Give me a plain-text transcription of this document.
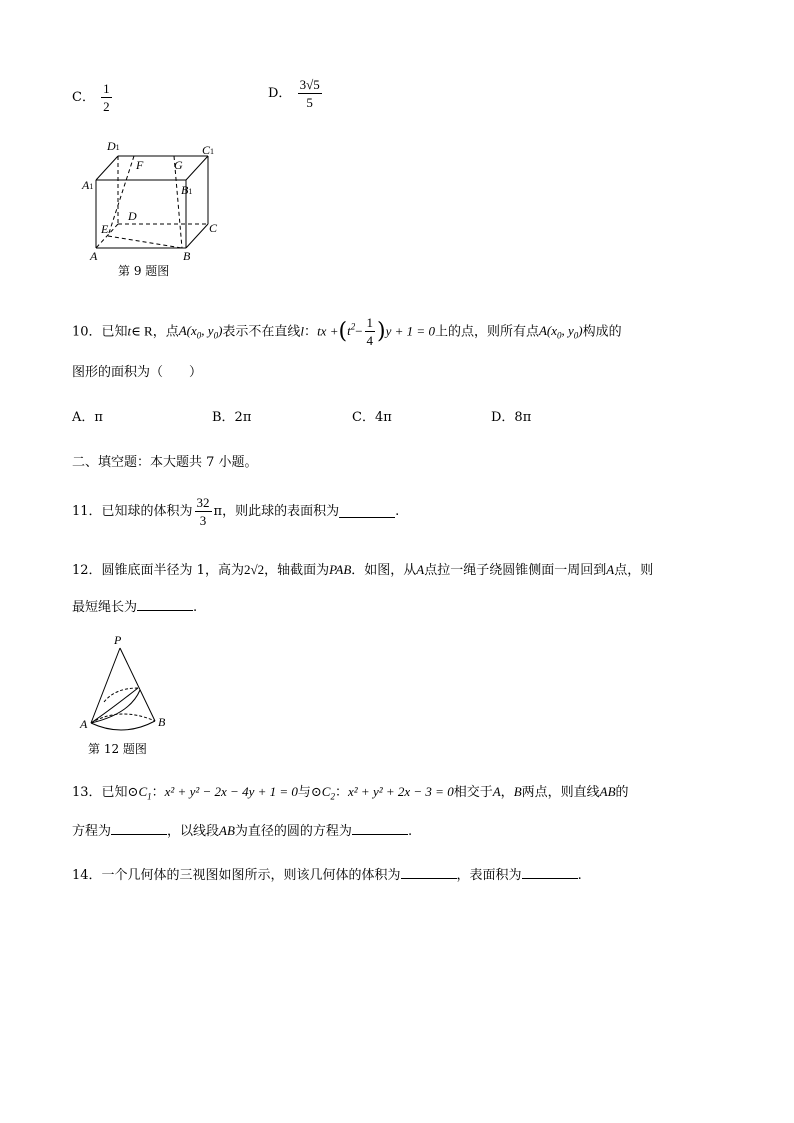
C． $\frac{1}{2}$	D． $\frac{3√5}{5}$
D1	C1
A1	B1
F	G
D
E	C
A	B
第 9 题图
10．已知t∈ R，点$A(x_0$, $y_0$)表示不在直线l：tx $+(t^2- \frac{1}{4} )y + 1 = 0$上的点，则所有点$A(x_0$, $y_0$)构成的
图形的面积为（　　）
A．π	B．2π	C．4π	D．8π
二、填空题：本大题共 7 小题。
11．已知球的体积为 $\frac{32}{3}$ π，则此球的表面积为	.
12．圆锥底面半径为 1，高为2√2，轴截面为PAB．如图，从A点拉一绳子绕圆锥侧面一周回到A点，则
最短绳长为	.
P
A	B
第 12 题图
13．已知$⊙C_1$：x² + y² − 2x − 4y + 1 = 0与$⊙C_2$：x² + y² + 2x − 3 = 0相交于A，B两点，则直线AB的
方程为	，以线段AB为直径的圆的方程为	.
14．一个几何体的三视图如图所示，则该几何体的体积为	，表面积为	.
